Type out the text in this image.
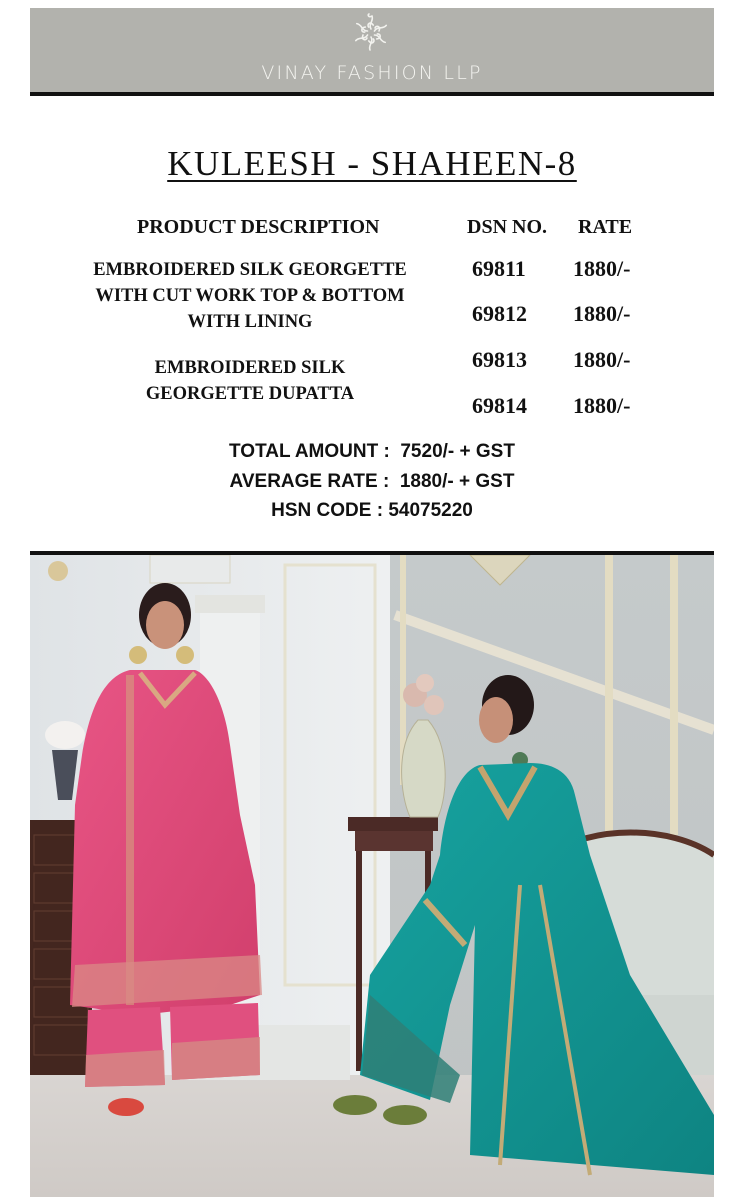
VINAY FASHION LLP
KULEESH - SHAHEEN-8
PRODUCT DESCRIPTION	DSN NO. RATE
EMBROIDERED SILK GEORGETTE
WITH CUT WORK TOP & BOTTOM
WITH LINING
EMBROIDERED SILK
GEORGETTE DUPATTA
69811 1880/-
69812 1880/-
69813 1880/-
69814 1880/-
TOTAL AMOUNT :  7520/- + GST
AVERAGE RATE :  1880/- + GST
HSN CODE : 54075220
